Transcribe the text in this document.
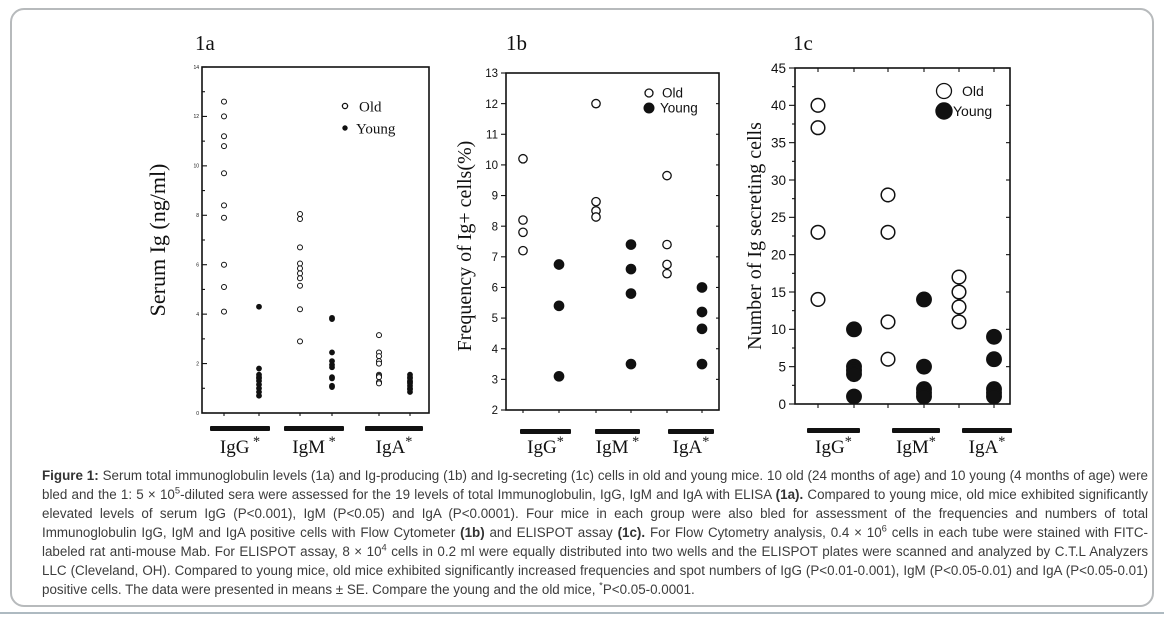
1a
Serum Ig (ng/ml)
0
2
4
6
8
10
12
14
IgG * IgM * IgA*
Old
Young
1b
Frequency of Ig+ cells(%)
2
3
4
5
6
7
8
9
10
11
12
13
IgG* IgM * IgA*
Old
Young
1c
Number of Ig secreting cells
0
5
10
15
20
25
30
35
40
45
IgG* IgM* IgA*
Old
Young
Figure 1: Serum total immunoglobulin levels (1a) and Ig-producing (1b) and Ig-secreting (1c) cells in old and young mice. 10 old (24 months of age) and 10 young (4 months of age) were bled and the 1: $5 \times 10^5$-diluted sera were assessed for the 19 levels of total Immunoglobulin, IgG, IgM and IgA with ELISA (1a). Compared to young mice, old mice exhibited significantly elevated levels of serum IgG (P<0.001), IgM (P<0.05) and IgA (P<0.0001). Four mice in each group were also bled for assessment of the frequencies and numbers of total Immunoglobulin IgG, IgM and IgA positive cells with Flow Cytometer (1b) and ELISPOT assay (1c). For Flow Cytometry analysis, $0.4 \times 10^6$ cells in each tube were stained with FITC- labeled rat anti-mouse Mab. For ELISPOT assay, $8 \times 10^4$ cells in 0.2 ml were equally distributed into two wells and the ELISPOT plates were scanned and analyzed by C.T.L Analyzers LLC (Cleveland, OH). Compared to young mice, old mice exhibited significantly increased frequencies and spot numbers of IgG (P<0.01-0.001), IgM (P<0.05-0.01) and IgA (P<0.05-0.01) positive cells. The data were presented in means ± SE. Compare the young and the old mice, *P<0.05-0.0001.
